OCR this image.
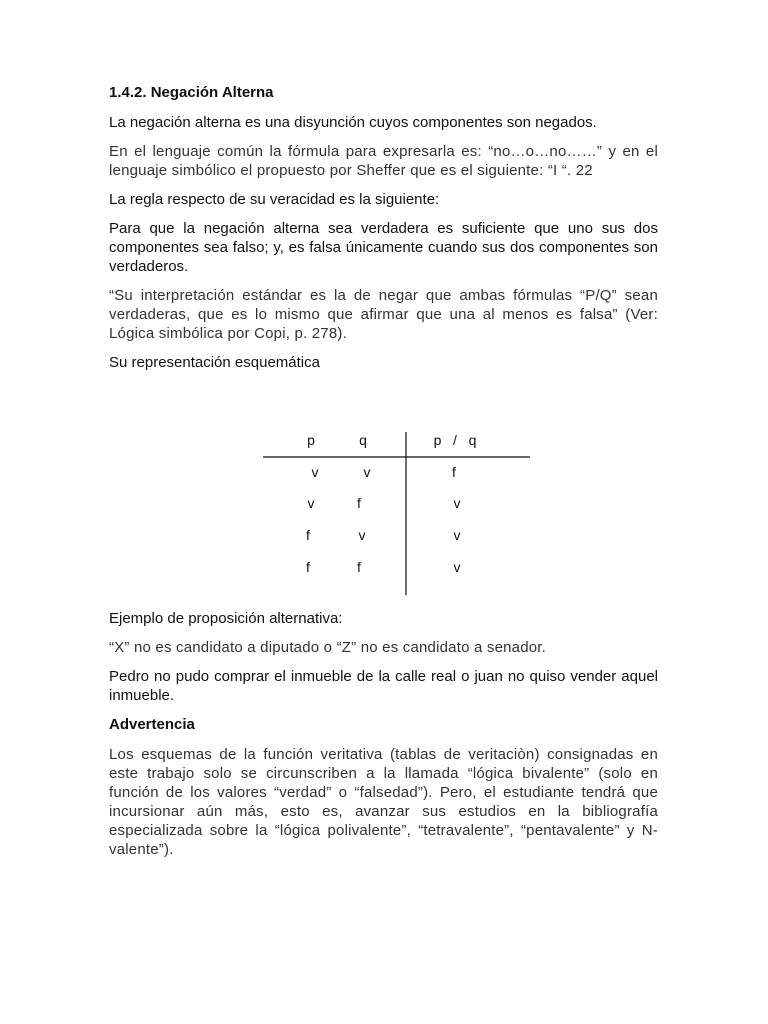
1.4.2. Negación Alterna

La negación alterna es una disyunción cuyos componentes son negados.

En el lenguaje común la fórmula para expresarla es: “no…o…no……” y en el lenguaje simbólico el propuesto por Sheffer que es el siguiente: “I “. 22

La regla respecto de su veracidad es la siguiente:

Para que la negación alterna sea verdadera es suficiente que uno sus dos componentes sea falso; y, es falsa únicamente cuando sus dos componentes son verdaderos.

“Su interpretación estándar es la de negar que ambas fórmulas “P/Q” sean verdaderas, que es lo mismo que afirmar que una al menos es falsa” (Ver: Lógica simbólica por Copi, p. 278).

Su representación esquemática

p	q	p   /   q
v	v	f
v	f	v
f	v	v
f	f	v

Ejemplo de proposición alternativa:

“X” no es candidato a diputado o “Z” no es candidato a senador.

Pedro no pudo comprar el inmueble de la calle real o juan no quiso vender aquel inmueble.

Advertencia

Los esquemas de la función veritativa (tablas de veritaciòn) consignadas en este trabajo solo se circunscriben a la llamada “lógica bivalente” (solo en función de los valores “verdad” o “falsedad”). Pero, el estudiante tendrá que incursionar aún más, esto es, avanzar sus estudios en la bibliografía especializada sobre la “lógica polivalente”, “tetravalente”, “pentavalente” y N-valente”).
